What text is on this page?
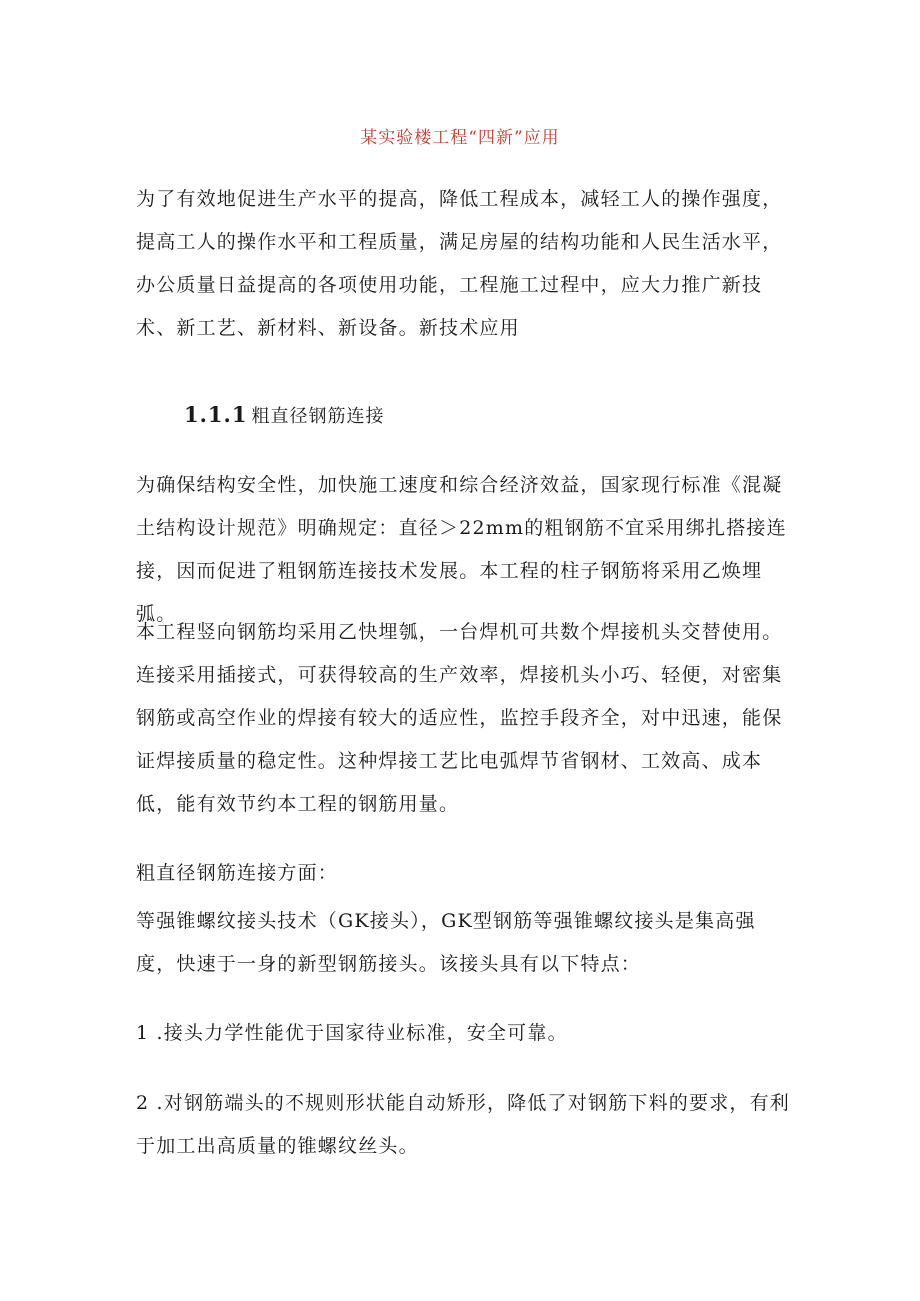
某实验楼工程“四新”应用

为了有效地促进生产水平的提高，降低工程成本，减轻工人的操作强度，提高工人的操作水平和工程质量，满足房屋的结构功能和人民生活水平，办公质量日益提高的各项使用功能，工程施工过程中，应大力推广新技术、新工艺、新材料、新设备。新技术应用

1.1.1 粗直径钢筋连接

为确保结构安全性，加快施工速度和综合经济效益，国家现行标准《混凝土结构设计规范》明确规定：直径＞22mm的粗钢筋不宜采用绑扎搭接连接，因而促进了粗钢筋连接技术发展。本工程的柱子钢筋将采用乙焕埋弧。

本工程竖向钢筋均采用乙快埋瓠，一台焊机可共数个焊接机头交替使用。连接采用插接式，可获得较高的生产效率，焊接机头小巧、轻便，对密集钢筋或高空作业的焊接有较大的适应性，监控手段齐全，对中迅速，能保证焊接质量的稳定性。这种焊接工艺比电弧焊节省钢材、工效高、成本低，能有效节约本工程的钢筋用量。

粗直径钢筋连接方面：

等强锥螺纹接头技术（GK接头），GK型钢筋等强锥螺纹接头是集高强度，快速于一身的新型钢筋接头。该接头具有以下特点：

1 .接头力学性能优于国家待业标准，安全可靠。

2 .对钢筋端头的不规则形状能自动矫形，降低了对钢筋下料的要求，有利于加工出高质量的锥螺纹丝头。
